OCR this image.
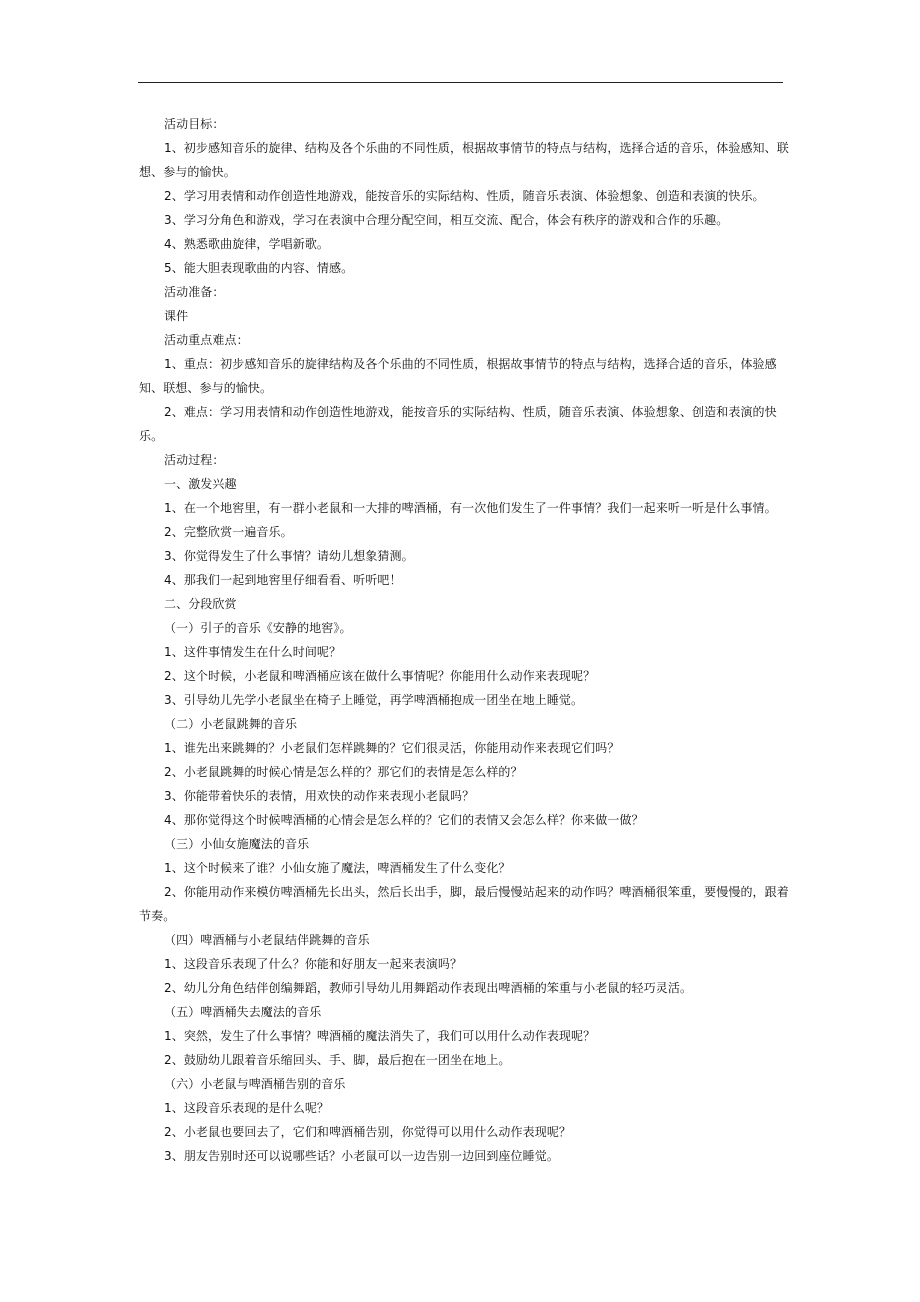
活动目标：

1、初步感知音乐的旋律、结构及各个乐曲的不同性质，根据故事情节的特点与结构，选择合适的音乐，体验感知、联想、参与的愉快。

2、学习用表情和动作创造性地游戏，能按音乐的实际结构、性质，随音乐表演、体验想象、创造和表演的快乐。

3、学习分角色和游戏，学习在表演中合理分配空间，相互交流、配合，体会有秩序的游戏和合作的乐趣。

4、熟悉歌曲旋律，学唱新歌。

5、能大胆表现歌曲的内容、情感。

活动准备：

课件

活动重点难点：

1、重点：初步感知音乐的旋律结构及各个乐曲的不同性质，根据故事情节的特点与结构，选择合适的音乐，体验感知、联想、参与的愉快。

2、难点：学习用表情和动作创造性地游戏，能按音乐的实际结构、性质，随音乐表演、体验想象、创造和表演的快乐。

活动过程：

一、激发兴趣

1、在一个地窖里，有一群小老鼠和一大排的啤酒桶，有一次他们发生了一件事情？我们一起来听一听是什么事情。

2、完整欣赏一遍音乐。

3、你觉得发生了什么事情？请幼儿想象猜测。

4、那我们一起到地窖里仔细看看、听听吧！

二、分段欣赏

（一）引子的音乐《安静的地窖》。

1、这件事情发生在什么时间呢？

2、这个时候，小老鼠和啤酒桶应该在做什么事情呢？你能用什么动作来表现呢？

3、引导幼儿先学小老鼠坐在椅子上睡觉，再学啤酒桶抱成一团坐在地上睡觉。

（二）小老鼠跳舞的音乐

1、谁先出来跳舞的？小老鼠们怎样跳舞的？它们很灵活，你能用动作来表现它们吗？

2、小老鼠跳舞的时候心情是怎么样的？那它们的表情是怎么样的？

3、你能带着快乐的表情，用欢快的动作来表现小老鼠吗？

4、那你觉得这个时候啤酒桶的心情会是怎么样的？它们的表情又会怎么样？你来做一做？

（三）小仙女施魔法的音乐

1、这个时候来了谁？小仙女施了魔法，啤酒桶发生了什么变化？

2、你能用动作来模仿啤酒桶先长出头，然后长出手，脚，最后慢慢站起来的动作吗？啤酒桶很笨重，要慢慢的，跟着节奏。

（四）啤酒桶与小老鼠结伴跳舞的音乐

1、这段音乐表现了什么？你能和好朋友一起来表演吗？

2、幼儿分角色结伴创编舞蹈，教师引导幼儿用舞蹈动作表现出啤酒桶的笨重与小老鼠的轻巧灵活。

（五）啤酒桶失去魔法的音乐

1、突然，发生了什么事情？啤酒桶的魔法消失了，我们可以用什么动作表现呢？

2、鼓励幼儿跟着音乐缩回头、手、脚，最后抱在一团坐在地上。

（六）小老鼠与啤酒桶告别的音乐

1、这段音乐表现的是什么呢？

2、小老鼠也要回去了，它们和啤酒桶告别，你觉得可以用什么动作表现呢？

3、朋友告别时还可以说哪些话？小老鼠可以一边告别一边回到座位睡觉。
